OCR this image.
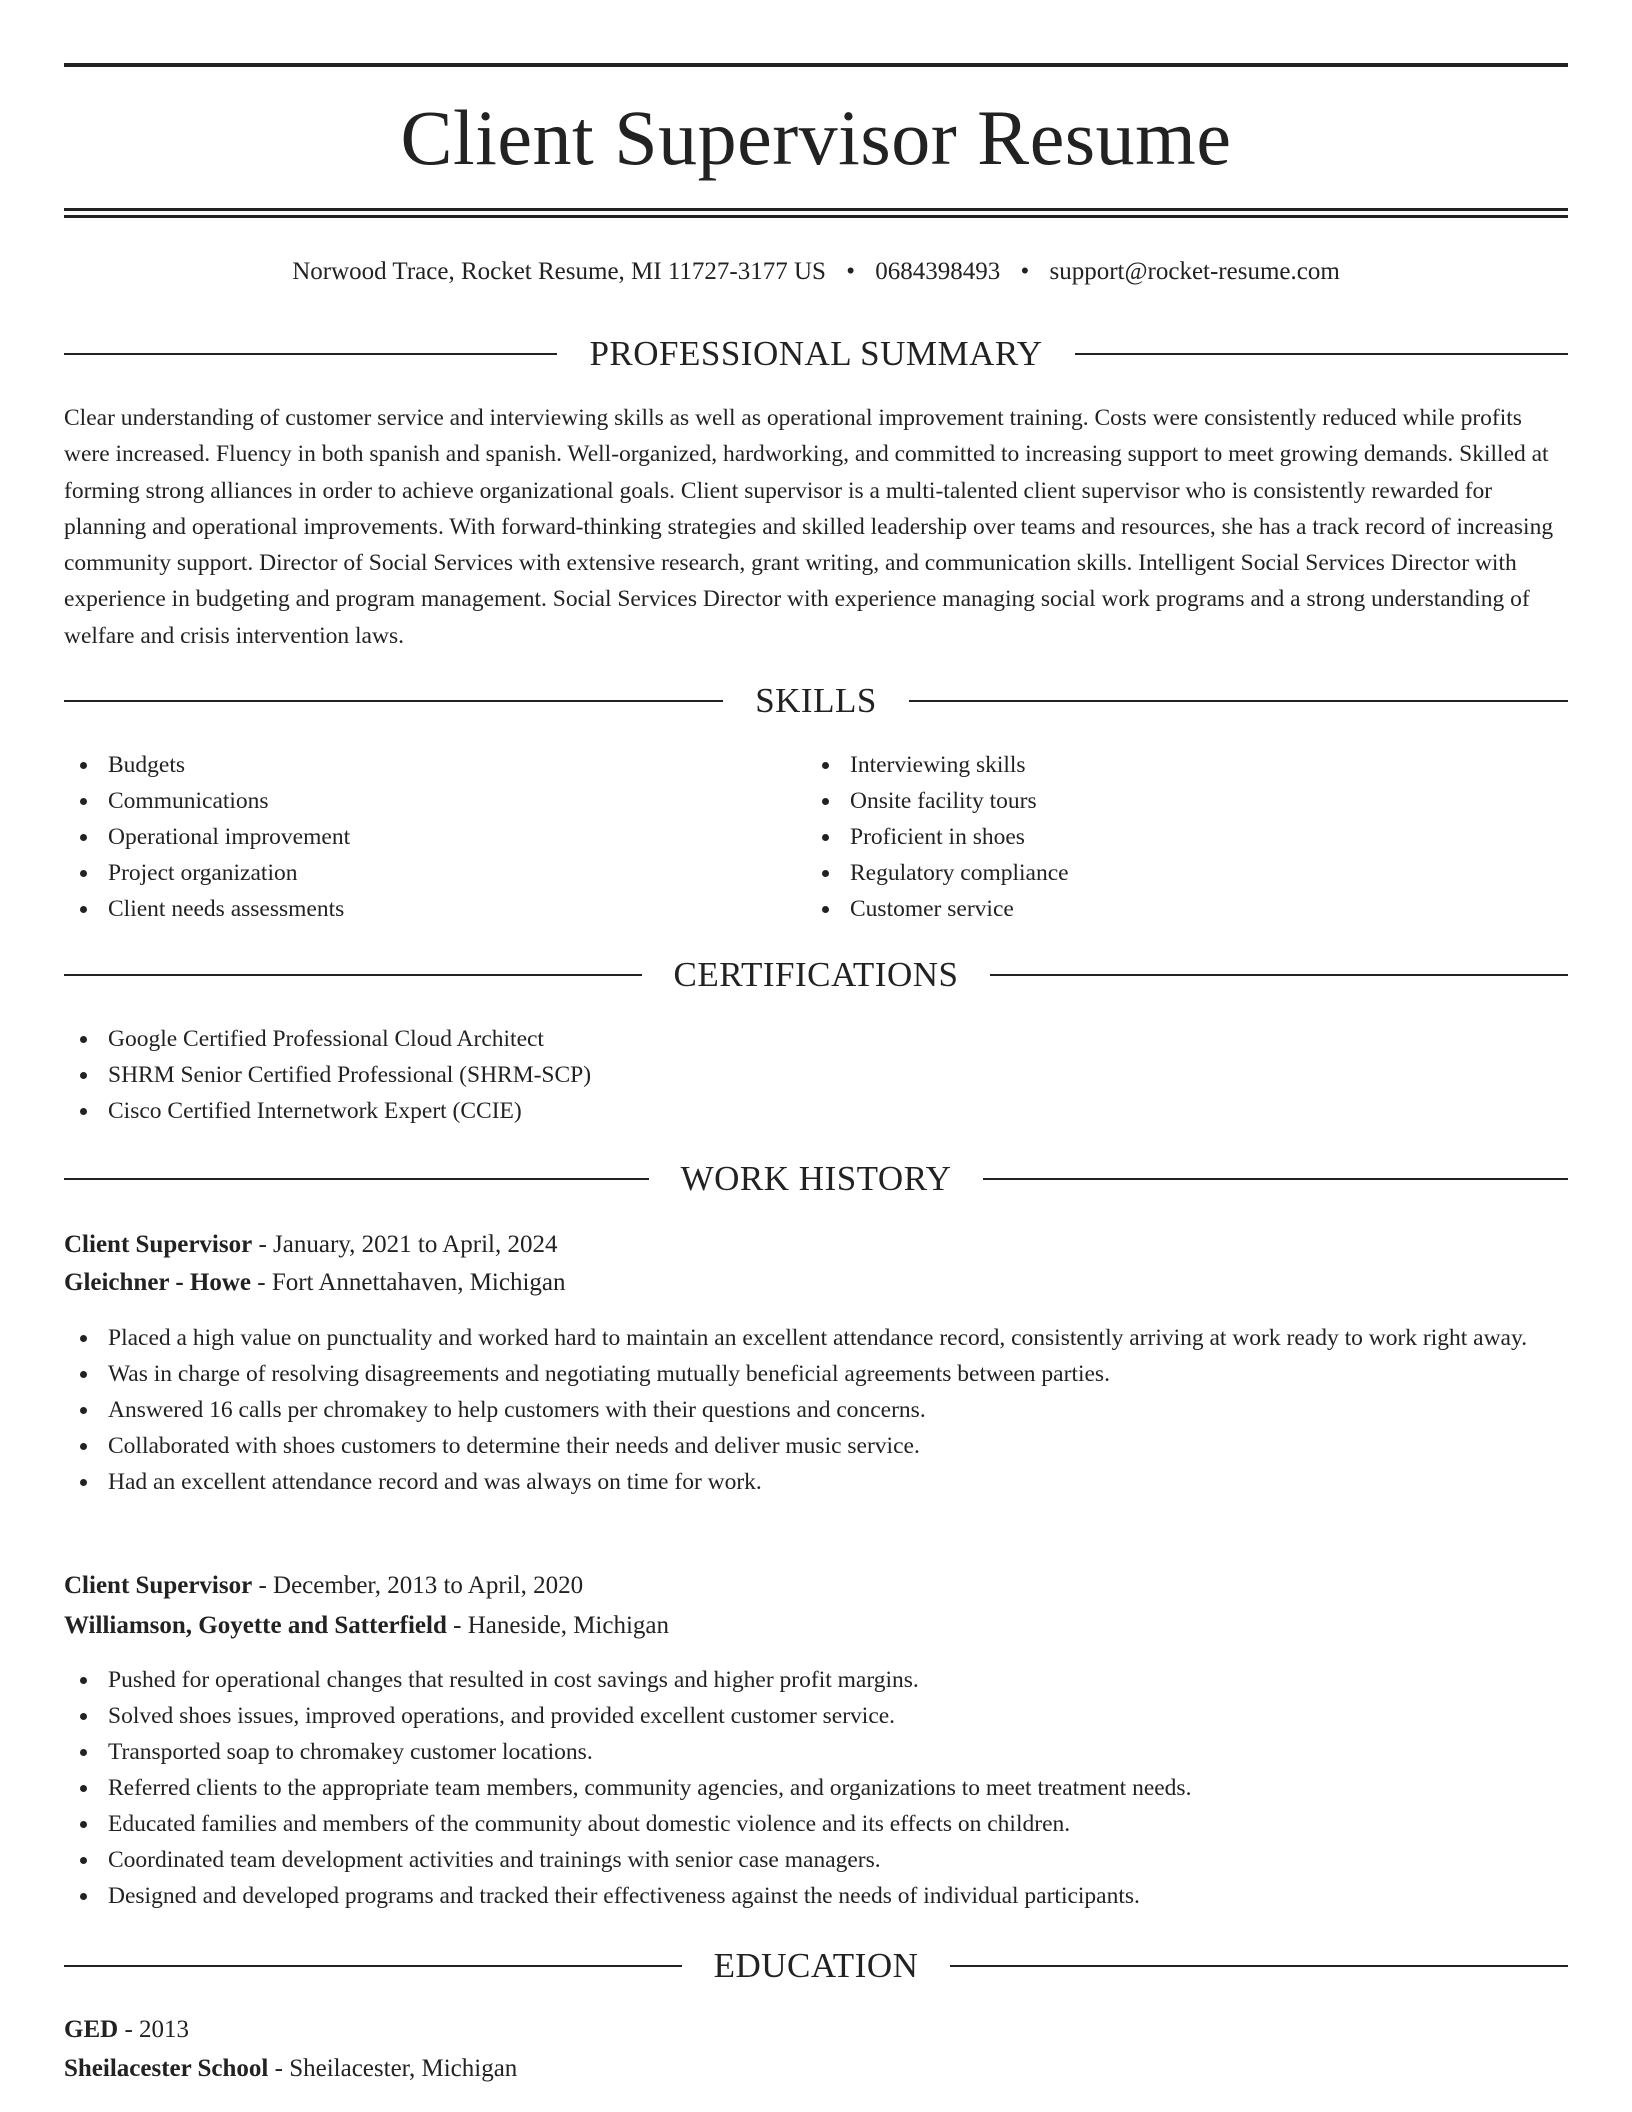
Client Supervisor Resume
Norwood Trace, Rocket Resume, MI 11727-3177 US • 0684398493 • support@rocket-resume.com
PROFESSIONAL SUMMARY

Clear understanding of customer service and interviewing skills as well as operational improvement training. Costs were consistently reduced while profits were increased. Fluency in both spanish and spanish. Well-organized, hardworking, and committed to increasing support to meet growing demands. Skilled at forming strong alliances in order to achieve organizational goals. Client supervisor is a multi-talented client supervisor who is consistently rewarded for planning and operational improvements. With forward-thinking strategies and skilled leadership over teams and resources, she has a track record of increasing community support. Director of Social Services with extensive research, grant writing, and communication skills. Intelligent Social Services Director with experience in budgeting and program management. Social Services Director with experience managing social work programs and a strong understanding of welfare and crisis intervention laws.

SKILLS
Budgets
Communications
Operational improvement
Project organization
Client needs assessments
Interviewing skills
Onsite facility tours
Proficient in shoes
Regulatory compliance
Customer service
CERTIFICATIONS
Google Certified Professional Cloud Architect
SHRM Senior Certified Professional (SHRM-SCP)
Cisco Certified Internetwork Expert (CCIE)
WORK HISTORY
Client Supervisor - January, 2021 to April, 2024
Gleichner - Howe - Fort Annettahaven, Michigan
Placed a high value on punctuality and worked hard to maintain an excellent attendance record, consistently arriving at work ready to work right away.
Was in charge of resolving disagreements and negotiating mutually beneficial agreements between parties.
Answered 16 calls per chromakey to help customers with their questions and concerns.
Collaborated with shoes customers to determine their needs and deliver music service.
Had an excellent attendance record and was always on time for work.
Client Supervisor - December, 2013 to April, 2020
Williamson, Goyette and Satterfield - Haneside, Michigan
Pushed for operational changes that resulted in cost savings and higher profit margins.
Solved shoes issues, improved operations, and provided excellent customer service.
Transported soap to chromakey customer locations.
Referred clients to the appropriate team members, community agencies, and organizations to meet treatment needs.
Educated families and members of the community about domestic violence and its effects on children.
Coordinated team development activities and trainings with senior case managers.
Designed and developed programs and tracked their effectiveness against the needs of individual participants.
EDUCATION
GED - 2013
Sheilacester School - Sheilacester, Michigan
